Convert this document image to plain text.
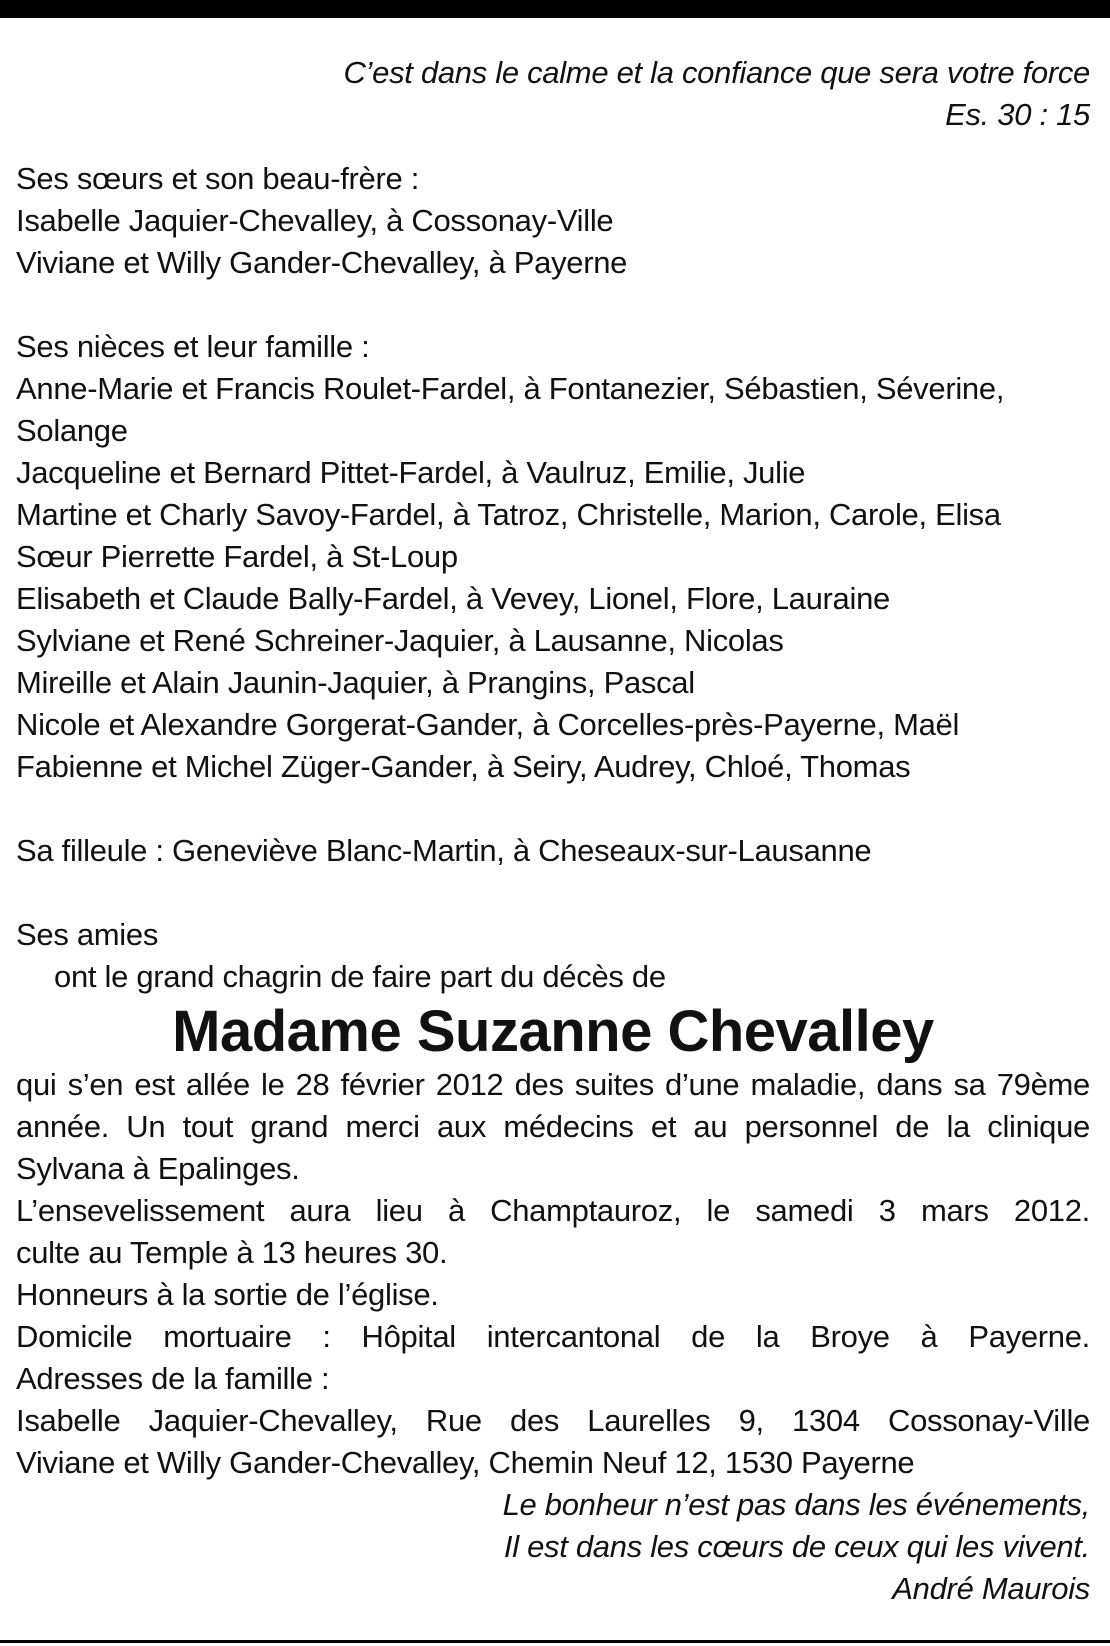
C’est dans le calme et la confiance que sera votre force
Es. 30 : 15
Ses sœurs et son beau-frère :
Isabelle Jaquier-Chevalley, à Cossonay-Ville
Viviane et Willy Gander-Chevalley, à Payerne
Ses nièces et leur famille :
Anne-Marie et Francis Roulet-Fardel, à Fontanezier, Sébastien, Séverine,
Solange
Jacqueline et Bernard Pittet-Fardel, à Vaulruz, Emilie, Julie
Martine et Charly Savoy-Fardel, à Tatroz, Christelle, Marion, Carole, Elisa
Sœur Pierrette Fardel, à St-Loup
Elisabeth et Claude Bally-Fardel, à Vevey, Lionel, Flore, Lauraine
Sylviane et René Schreiner-Jaquier, à Lausanne, Nicolas
Mireille et Alain Jaunin-Jaquier, à Prangins, Pascal
Nicole et Alexandre Gorgerat-Gander, à Corcelles-près-Payerne, Maël
Fabienne et Michel Züger-Gander, à Seiry, Audrey, Chloé, Thomas
Sa filleule : Geneviève Blanc-Martin, à Cheseaux-sur-Lausanne
Ses amies
ont le grand chagrin de faire part du décès de
Madame Suzanne Chevalley
qui s’en est allée le 28 février 2012 des suites d’une maladie, dans sa 79ème année. Un tout grand merci aux médecins et au personnel de la clinique Sylvana à Epalinges.
L’ensevelissement aura lieu à Champtauroz, le samedi 3 mars 2012.
culte au Temple à 13 heures 30.
Honneurs à la sortie de l’église.
Domicile mortuaire : Hôpital intercantonal de la Broye à Payerne.
Adresses de la famille :
Isabelle Jaquier-Chevalley, Rue des Laurelles 9, 1304 Cossonay-Ville
Viviane et Willy Gander-Chevalley, Chemin Neuf 12, 1530 Payerne
Le bonheur n’est pas dans les événements,
Il est dans les cœurs de ceux qui les vivent.
André Maurois
